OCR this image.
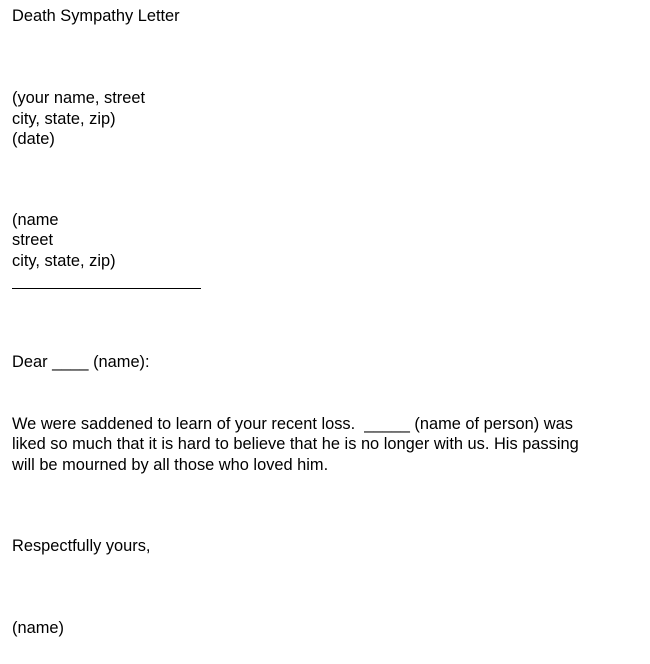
Death Sympathy Letter
(your name, street
city, state, zip)
(date)
(name
street
city, state, zip)
Dear ____ (name):
We were saddened to learn of your recent loss.  _____ (name of person) was
liked so much that it is hard to believe that he is no longer with us. His passing
will be mourned by all those who loved him.
Respectfully yours,
(name)
